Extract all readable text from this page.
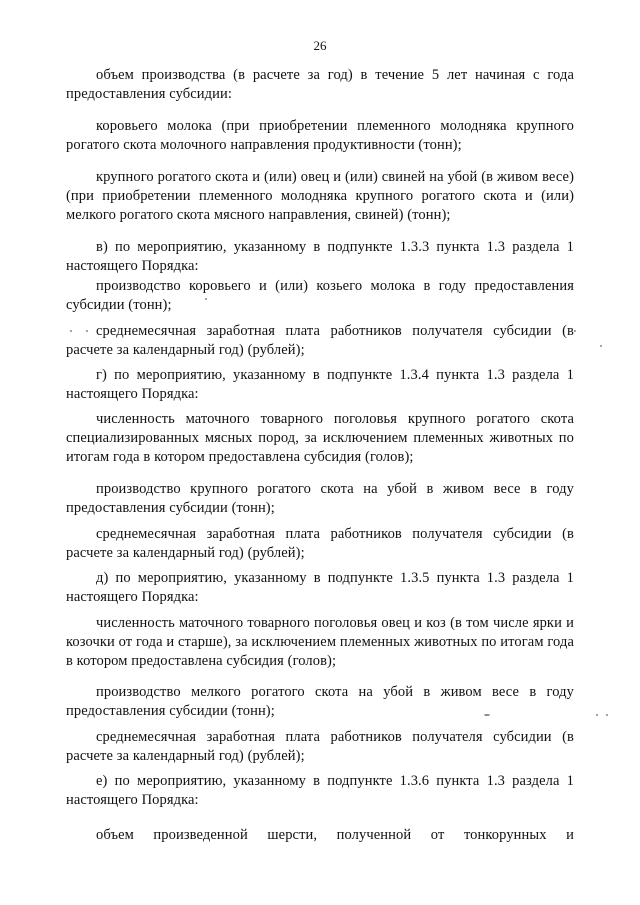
26

объем производства (в расчете за год) в течение 5 лет начиная с года предоставления субсидии:

коровьего молока (при приобретении племенного молодняка крупного рогатого скота молочного направления продуктивности (тонн);

крупного рогатого скота и (или) овец и (или) свиней на убой (в живом весе) (при приобретении племенного молодняка крупного рогатого скота и (или) мелкого рогатого скота мясного направления, свиней) (тонн);

в) по мероприятию, указанному в подпункте 1.3.3 пункта 1.3 раздела 1 настоящего Порядка:

производство коровьего и (или) козьего молока в году предоставления субсидии (тонн);

среднемесячная заработная плата работников получателя субсидии (в расчете за календарный год) (рублей);

г) по мероприятию, указанному в подпункте 1.3.4 пункта 1.3 раздела 1 настоящего Порядка:

численность маточного товарного поголовья крупного рогатого скота специализированных мясных пород, за исключением племенных животных по итогам года в котором предоставлена субсидия (голов);

производство крупного рогатого скота на убой в живом весе в году предоставления субсидии (тонн);

среднемесячная заработная плата работников получателя субсидии (в расчете за календарный год) (рублей);

д) по мероприятию, указанному в подпункте 1.3.5 пункта 1.3 раздела 1 настоящего Порядка:

численность маточного товарного поголовья овец и коз (в том числе ярки и козочки от года и старше), за исключением племенных животных по итогам года в котором предоставлена субсидия (голов);

производство мелкого рогатого скота на убой в живом весе в году предоставления субсидии (тонн);

среднемесячная заработная плата работников получателя субсидии (в расчете за календарный год) (рублей);

е) по мероприятию, указанному в подпункте 1.3.6 пункта 1.3 раздела 1 настоящего Порядка:

объем произведенной шерсти, полученной от тонкорунных и
